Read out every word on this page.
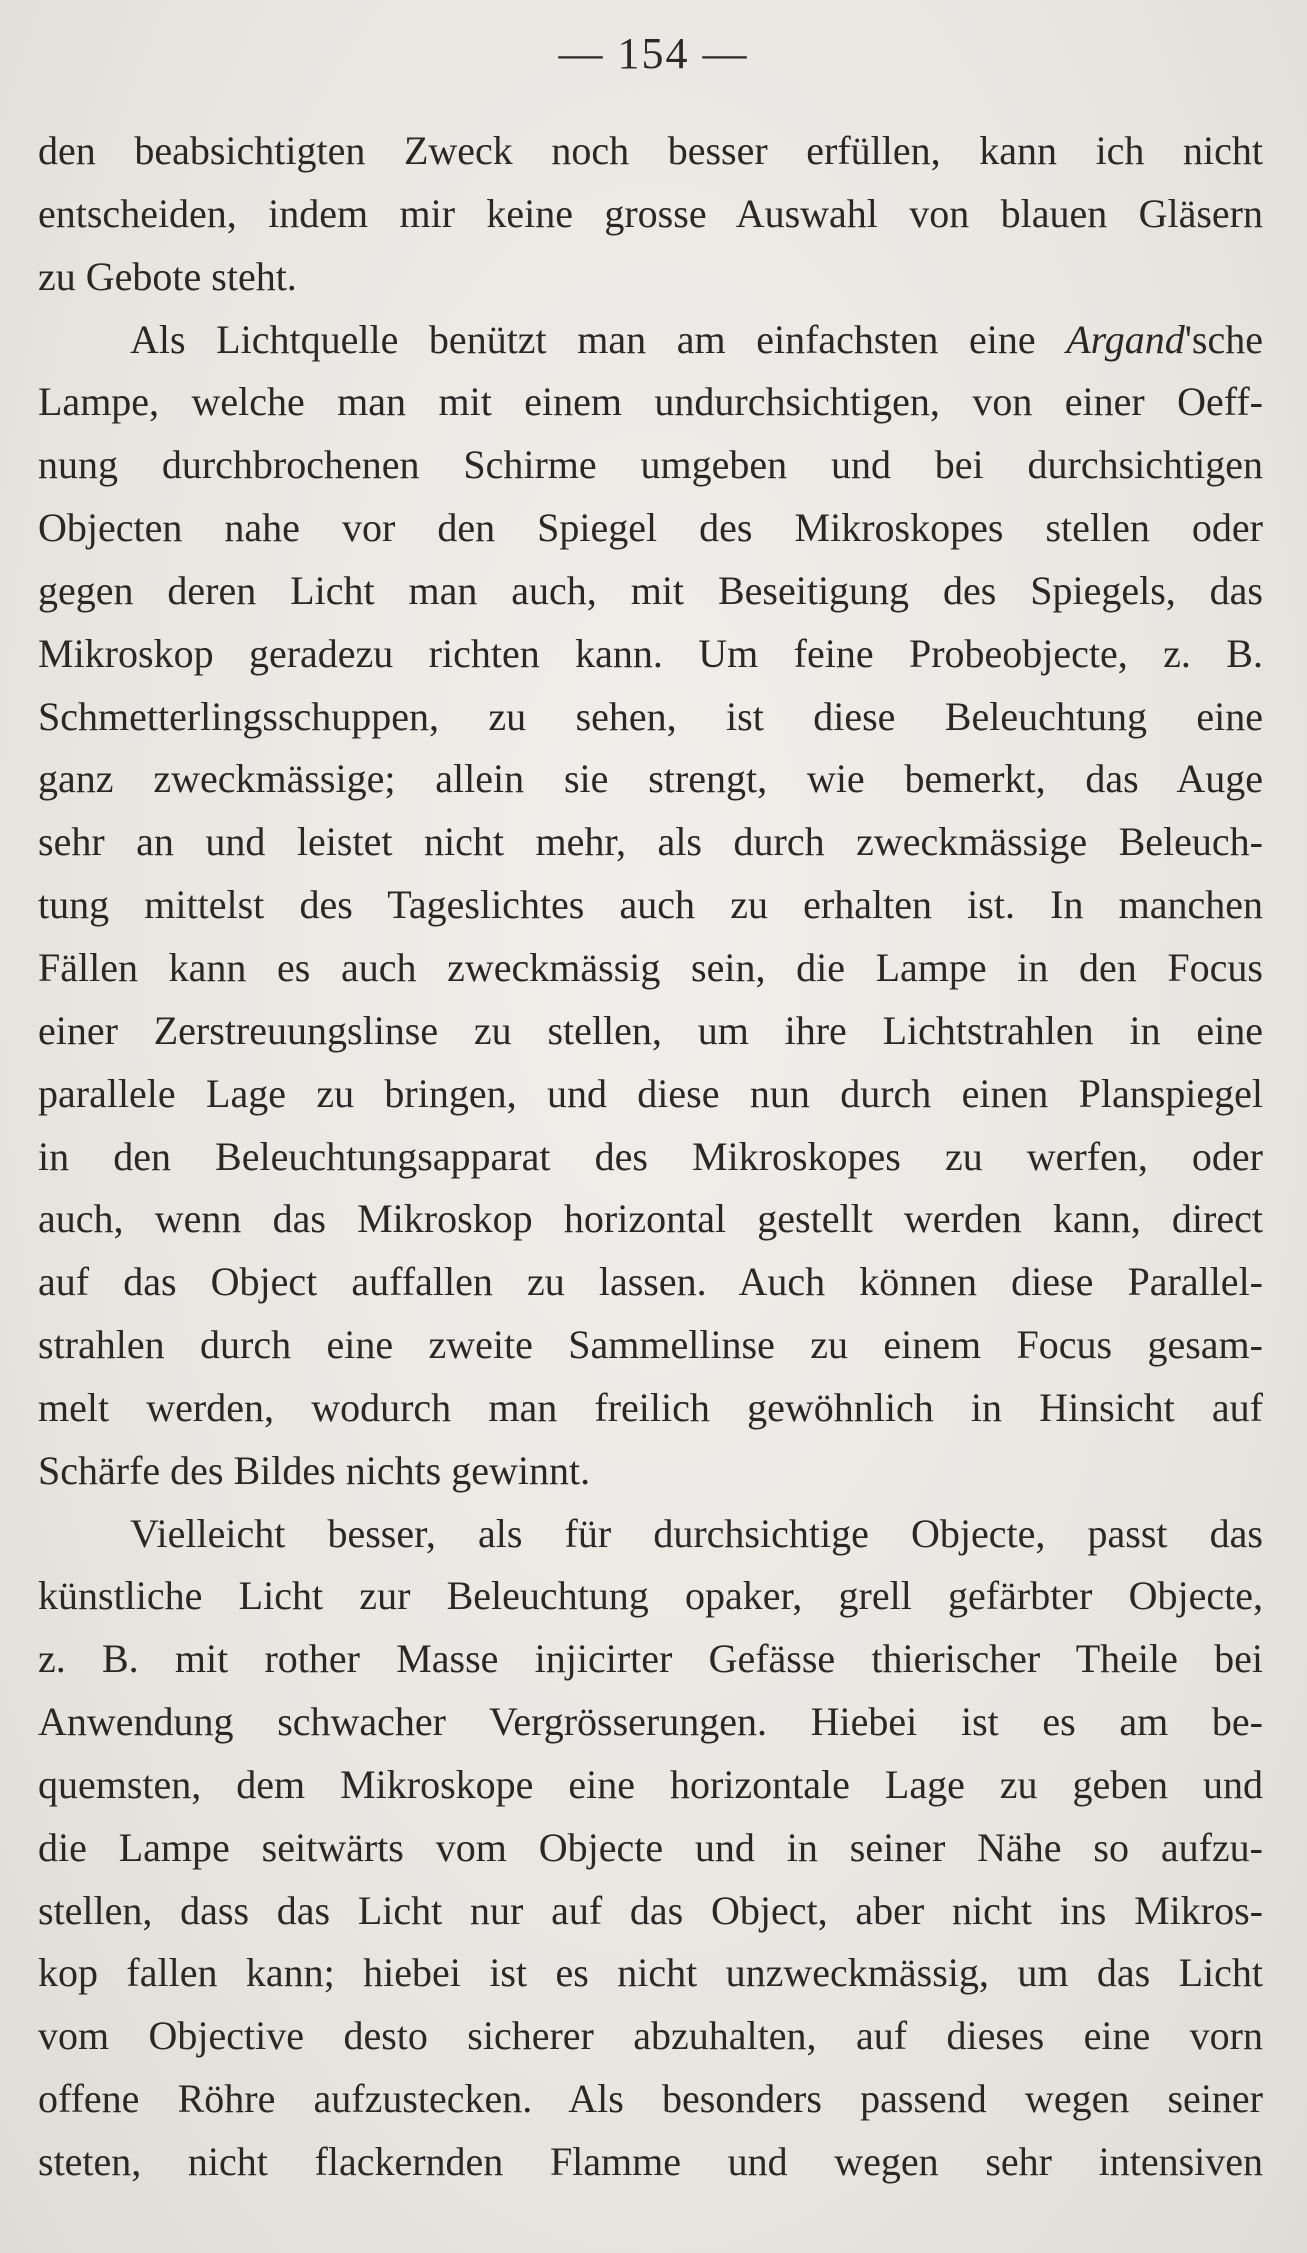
— 154 —
den beabsichtigten Zweck noch besser erfüllen, kann ich nicht
entscheiden, indem mir keine grosse Auswahl von blauen Gläsern
zu Gebote steht.
Als Lichtquelle benützt man am einfachsten eine Argand'sche
Lampe, welche man mit einem undurchsichtigen, von einer Oeff-
nung durchbrochenen Schirme umgeben und bei durchsichtigen
Objecten nahe vor den Spiegel des Mikroskopes stellen oder
gegen deren Licht man auch, mit Beseitigung des Spiegels, das
Mikroskop geradezu richten kann. Um feine Probeobjecte, z. B.
Schmetterlingsschuppen, zu sehen, ist diese Beleuchtung eine
ganz zweckmässige; allein sie strengt, wie bemerkt, das Auge
sehr an und leistet nicht mehr, als durch zweckmässige Beleuch-
tung mittelst des Tageslichtes auch zu erhalten ist. In manchen
Fällen kann es auch zweckmässig sein, die Lampe in den Focus
einer Zerstreuungslinse zu stellen, um ihre Lichtstrahlen in eine
parallele Lage zu bringen, und diese nun durch einen Planspiegel
in den Beleuchtungsapparat des Mikroskopes zu werfen, oder
auch, wenn das Mikroskop horizontal gestellt werden kann, direct
auf das Object auffallen zu lassen. Auch können diese Parallel-
strahlen durch eine zweite Sammellinse zu einem Focus gesam-
melt werden, wodurch man freilich gewöhnlich in Hinsicht auf
Schärfe des Bildes nichts gewinnt.
Vielleicht besser, als für durchsichtige Objecte, passt das
künstliche Licht zur Beleuchtung opaker, grell gefärbter Objecte,
z. B. mit rother Masse injicirter Gefässe thierischer Theile bei
Anwendung schwacher Vergrösserungen. Hiebei ist es am be-
quemsten, dem Mikroskope eine horizontale Lage zu geben und
die Lampe seitwärts vom Objecte und in seiner Nähe so aufzu-
stellen, dass das Licht nur auf das Object, aber nicht ins Mikros-
kop fallen kann; hiebei ist es nicht unzweckmässig, um das Licht
vom Objective desto sicherer abzuhalten, auf dieses eine vorn
offene Röhre aufzustecken. Als besonders passend wegen seiner
steten, nicht flackernden Flamme und wegen sehr intensiven
